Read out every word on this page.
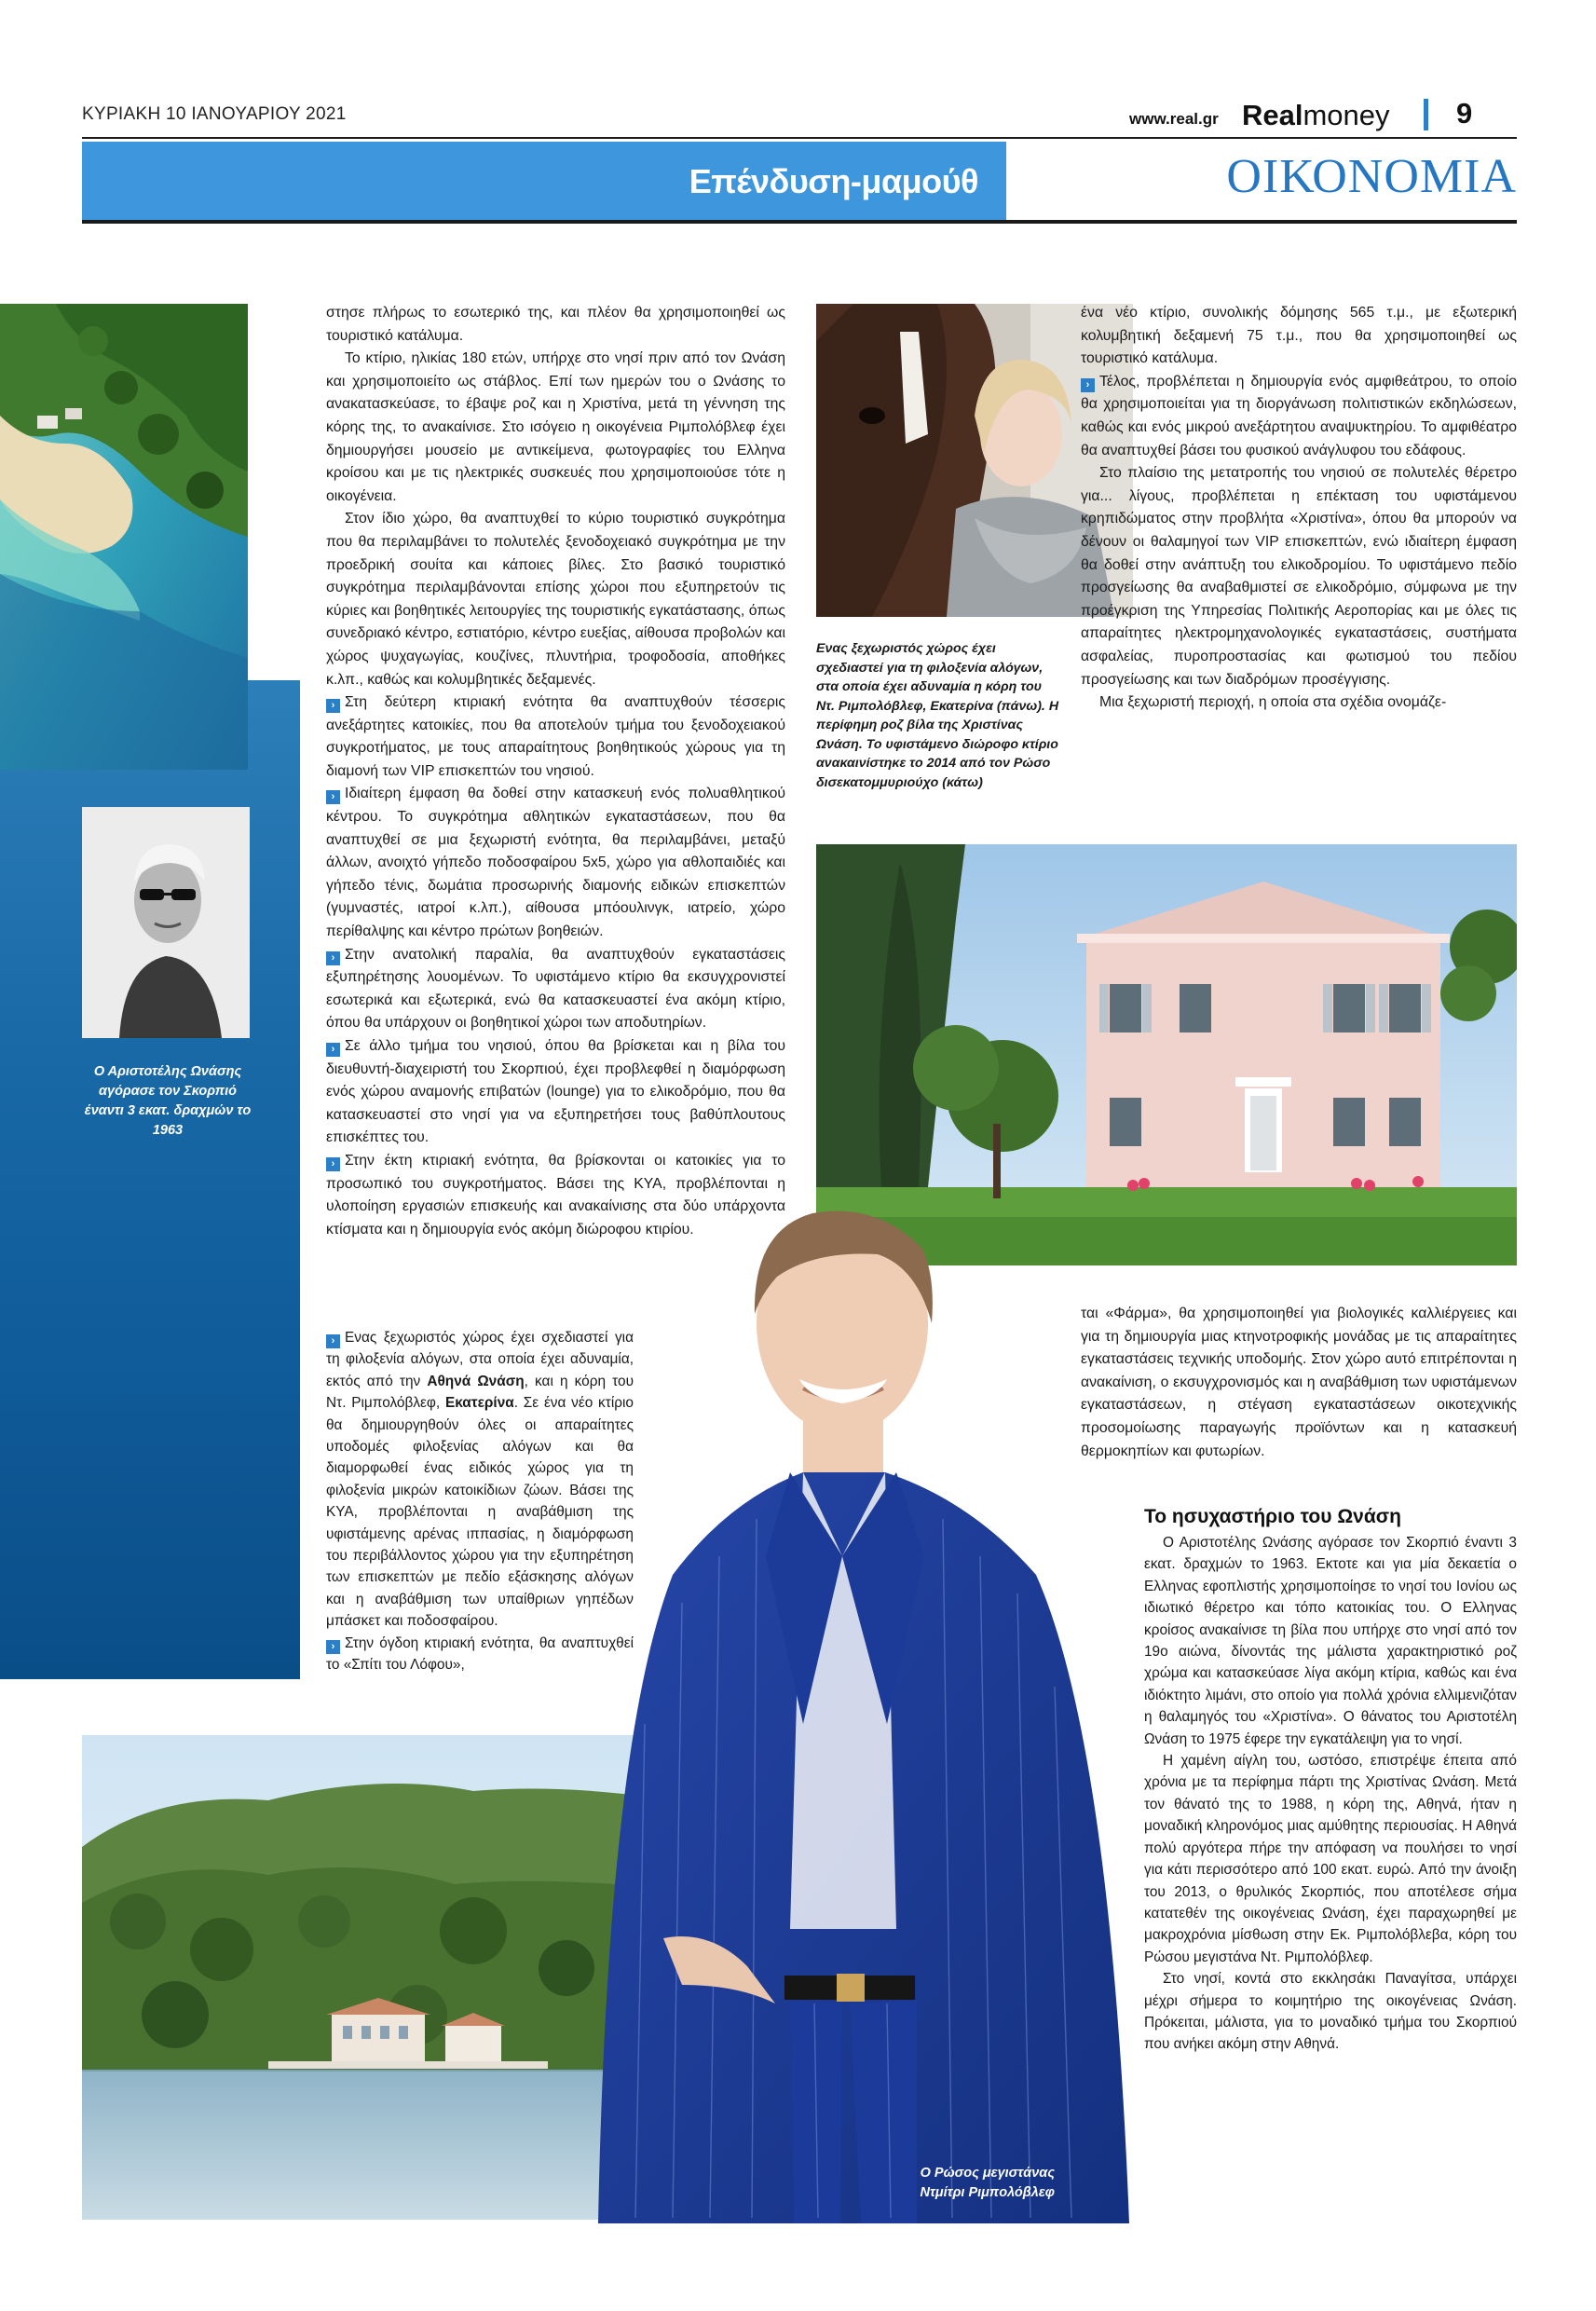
ΚΥΡΙΑΚΗ 10 ΙΑΝΟΥΑΡΙΟΥ 2021	www.real.gr Realmoney 9
Επένδυση-μαμούθ	ΟΙΚΟΝΟΜΙΑ
Ο Αριστοτέλης Ωνάσης αγόρασε τον Σκορπιό έναντι 3 εκατ. δραχμών το 1963
Ενας ξεχωριστός χώρος έχει σχεδιαστεί για τη φιλοξενία αλόγων, στα οποία έχει αδυναμία η κόρη του Ντ. Ριμπολόβλεφ, Εκατερίνα (πάνω). Η περίφημη ροζ βίλα της Χριστίνας Ωνάση. Το υφιστάμενο διώροφο κτίριο ανακαινίστηκε το 2014 από τον Ρώσο δισεκατομμυριούχο (κάτω)
Ο Ρώσος μεγιστάνας Ντμίτρι Ριμπολόβλεφ

στησε πλήρως το εσωτερικό της, και πλέον θα χρησιμοποιηθεί ως τουριστικό κατάλυμα.

Το κτίριο, ηλικίας 180 ετών, υπήρχε στο νησί πριν από τον Ωνάση και χρησιμοποιείτο ως στάβλος. Επί των ημερών του ο Ωνάσης το ανακατασκεύασε, το έβαψε ροζ και η Χριστίνα, μετά τη γέννηση της κόρης της, το ανακαίνισε. Στο ισόγειο η οικογένεια Ριμπολόβλεφ έχει δημιουργήσει μουσείο με αντικείμενα, φωτογραφίες του Ελληνα κροίσου και με τις ηλεκτρικές συσκευές που χρησιμοποιούσε τότε η οικογένεια.

Στον ίδιο χώρο, θα αναπτυχθεί το κύριο τουριστικό συγκρότημα που θα περιλαμβάνει το πολυτελές ξενοδοχειακό συγκρότημα με την προεδρική σουίτα και κάποιες βίλες. Στο βασικό τουριστικό συγκρότημα περιλαμβάνονται επίσης χώροι που εξυπηρετούν τις κύριες και βοηθητικές λειτουργίες της τουριστικής εγκατάστασης, όπως συνεδριακό κέντρο, εστιατόριο, κέντρο ευεξίας, αίθουσα προβολών και χώρος ψυχαγωγίας, κουζίνες, πλυντήρια, τροφοδοσία, αποθήκες κ.λπ., καθώς και κολυμβητικές δεξαμενές.

› Στη δεύτερη κτιριακή ενότητα θα αναπτυχθούν τέσσερις ανεξάρτητες κατοικίες, που θα αποτελούν τμήμα του ξενοδοχειακού συγκροτήματος, με τους απαραίτητους βοηθητικούς χώρους για τη διαμονή των VIP επισκεπτών του νησιού.

› Ιδιαίτερη έμφαση θα δοθεί στην κατασκευή ενός πολυαθλητικού κέντρου. Το συγκρότημα αθλητικών εγκαταστάσεων, που θα αναπτυχθεί σε μια ξεχωριστή ενότητα, θα περιλαμβάνει, μεταξύ άλλων, ανοιχτό γήπεδο ποδοσφαίρου 5x5, χώρο για αθλοπαιδιές και γήπεδο τένις, δωμάτια προσωρινής διαμονής ειδικών επισκεπτών (γυμναστές, ιατροί κ.λπ.), αίθουσα μπόουλινγκ, ιατρείο, χώρο περίθαλψης και κέντρο πρώτων βοηθειών.

› Στην ανατολική παραλία, θα αναπτυχθούν εγκαταστάσεις εξυπηρέτησης λουομένων. Το υφιστάμενο κτίριο θα εκσυγχρονιστεί εσωτερικά και εξωτερικά, ενώ θα κατασκευαστεί ένα ακόμη κτίριο, όπου θα υπάρχουν οι βοηθητικοί χώροι των αποδυτηρίων.

› Σε άλλο τμήμα του νησιού, όπου θα βρίσκεται και η βίλα του διευθυντή-διαχειριστή του Σκορπιού, έχει προβλεφθεί η διαμόρφωση ενός χώρου αναμονής επιβατών (lounge) για το ελικοδρόμιο, που θα κατασκευαστεί στο νησί για να εξυπηρετήσει τους βαθύπλουτους επισκέπτες του.

› Στην έκτη κτιριακή ενότητα, θα βρίσκονται οι κατοικίες για το προσωπικό του συγκροτήματος. Βάσει της ΚΥΑ, προβλέπονται η υλοποίηση εργασιών επισκευής και ανακαίνισης στα δύο υπάρχοντα κτίσματα και η δημιουργία ενός ακόμη διώροφου κτιρίου.

› Ενας ξεχωριστός χώρος έχει σχεδιαστεί για τη φιλοξενία αλόγων, στα οποία έχει αδυναμία, εκτός από την Αθηνά Ωνάση, και η κόρη του Ντ. Ριμπολόβλεφ, Εκατερίνα. Σε ένα νέο κτίριο θα δημιουργηθούν όλες οι απαραίτητες υποδομές φιλοξενίας αλόγων και θα διαμορφωθεί ένας ειδικός χώρος για τη φιλοξενία μικρών κατοικίδιων ζώων. Βάσει της ΚΥΑ, προβλέπονται η αναβάθμιση της υφιστάμενης αρένας ιππασίας, η διαμόρφωση του περιβάλλοντος χώρου για την εξυπηρέτηση των επισκεπτών με πεδίο εξάσκησης αλόγων και η αναβάθμιση των υπαίθριων γηπέδων μπάσκετ και ποδοσφαίρου.

› Στην όγδοη κτιριακή ενότητα, θα αναπτυχθεί το «Σπίτι του Λόφου»,

ένα νέο κτίριο, συνολικής δόμησης 565 τ.μ., με εξωτερική κολυμβητική δεξαμενή 75 τ.μ., που θα χρησιμοποιηθεί ως τουριστικό κατάλυμα.

› Τέλος, προβλέπεται η δημιουργία ενός αμφιθεάτρου, το οποίο θα χρησιμοποιείται για τη διοργάνωση πολιτιστικών εκδηλώσεων, καθώς και ενός μικρού ανεξάρτητου αναψυκτηρίου. Το αμφιθέατρο θα αναπτυχθεί βάσει του φυσικού ανάγλυφου του εδάφους.

Στο πλαίσιο της μετατροπής του νησιού σε πολυτελές θέρετρο για... λίγους, προβλέπεται η επέκταση του υφιστάμενου κρηπιδώματος στην προβλήτα «Χριστίνα», όπου θα μπορούν να δένουν οι θαλαμηγοί των VIP επισκεπτών, ενώ ιδιαίτερη έμφαση θα δοθεί στην ανάπτυξη του ελικοδρομίου. Το υφιστάμενο πεδίο προσγείωσης θα αναβαθμιστεί σε ελικοδρόμιο, σύμφωνα με την προέγκριση της Υπηρεσίας Πολιτικής Αεροπορίας και με όλες τις απαραίτητες ηλεκτρομηχανολογικές εγκαταστάσεις, συστήματα ασφαλείας, πυροπροστασίας και φωτισμού του πεδίου προσγείωσης και των διαδρόμων προσέγγισης.

Μια ξεχωριστή περιοχή, η οποία στα σχέδια ονομάζε-

ται «Φάρμα», θα χρησιμοποιηθεί για βιολογικές καλλιέργειες και για τη δημιουργία μιας κτηνοτροφικής μονάδας με τις απαραίτητες εγκαταστάσεις τεχνικής υποδομής. Στον χώρο αυτό επιτρέπονται η ανακαίνιση, ο εκσυγχρονισμός και η αναβάθμιση των υφιστάμενων εγκαταστάσεων, η στέγαση εγκαταστάσεων οικοτεχνικής προσομοίωσης παραγωγής προϊόντων και η κατασκευή θερμοκηπίων και φυτωρίων.

Το ησυχαστήριο του Ωνάση

Ο Αριστοτέλης Ωνάσης αγόρασε τον Σκορπιό έναντι 3 εκατ. δραχμών το 1963. Εκτοτε και για μία δεκαετία ο Ελληνας εφοπλιστής χρησιμοποίησε το νησί του Ιονίου ως ιδιωτικό θέρετρο και τόπο κατοικίας του. Ο Ελληνας κροίσος ανακαίνισε τη βίλα που υπήρχε στο νησί από τον 19ο αιώνα, δίνοντάς της μάλιστα χαρακτηριστικό ροζ χρώμα και κατασκεύασε λίγα ακόμη κτίρια, καθώς και ένα ιδιόκτητο λιμάνι, στο οποίο για πολλά χρόνια ελλιμενιζόταν η θαλαμηγός του «Χριστίνα». Ο θάνατος του Αριστοτέλη Ωνάση το 1975 έφερε την εγκατάλειψη για το νησί.

Η χαμένη αίγλη του, ωστόσο, επιστρέψε έπειτα από χρόνια με τα περίφημα πάρτι της Χριστίνας Ωνάση. Μετά τον θάνατό της το 1988, η κόρη της, Αθηνά, ήταν η μοναδική κληρονόμος μιας αμύθητης περιουσίας. Η Αθηνά πολύ αργότερα πήρε την απόφαση να πουλήσει το νησί για κάτι περισσότερο από 100 εκατ. ευρώ. Από την άνοιξη του 2013, ο θρυλικός Σκορπιός, που αποτέλεσε σήμα κατατεθέν της οικογένειας Ωνάση, έχει παραχωρηθεί με μακροχρόνια μίσθωση στην Εκ. Ριμπολόβλεβα, κόρη του Ρώσου μεγιστάνα Ντ. Ριμπολόβλεφ.

Στο νησί, κοντά στο εκκλησάκι Παναγίτσα, υπάρχει μέχρι σήμερα το κοιμητήριο της οικογένειας Ωνάση. Πρόκειται, μάλιστα, για το μοναδικό τμήμα του Σκορπιού που ανήκει ακόμη στην Αθηνά.
